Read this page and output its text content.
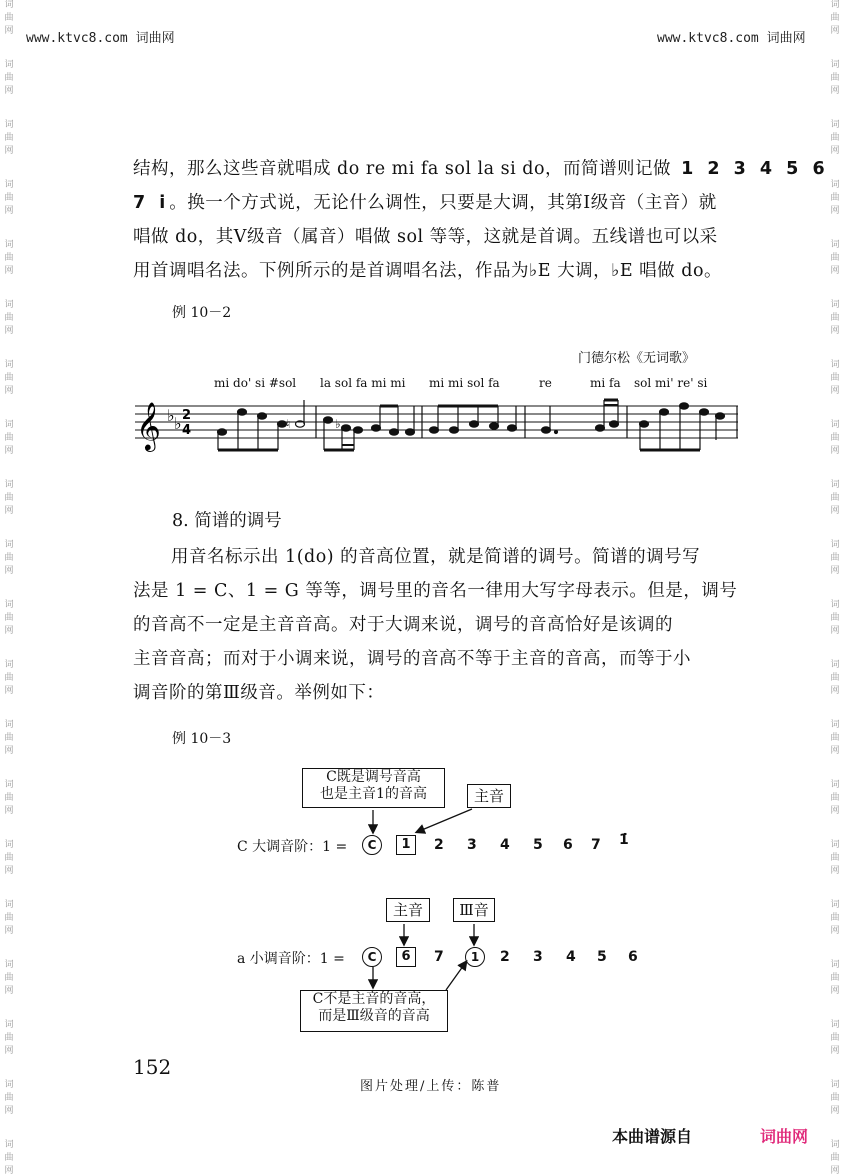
词
曲
网
词
曲
网
词
曲
网
词
曲
网
词
曲
网
词
曲
网
词
曲
网
词
曲
网
词
曲
网
词
曲
网
词
曲
网
词
曲
网
词
曲
网
词
曲
网
词
曲
网
词
曲
网
词
曲
网
词
曲
网
词
曲
网
词
曲
网
词
曲
网
词
曲
网
词
曲
网
词
曲
网
词
曲
网
词
曲
网
词
曲
网
词
曲
网
词
曲
网
词
曲
网
词
曲
网
词
曲
网
词
曲
网
词
曲
网
词
曲
网
词
曲
网
词
曲
网
词
曲
网
词
曲
网
词
曲
网
www.ktvc8.com 词曲网	www.ktvc8.com 词曲网
结构，那么这些音就唱成 do re mi fa sol la si do，而简谱则记做 1 2 3 4 5 6
7 i̇。换一个方式说，无论什么调性，只要是大调，其第Ⅰ级音（主音）就
唱做 do，其Ⅴ级音（属音）唱做 sol 等等，这就是首调。五线谱也可以采
用首调唱名法。下例所示的是首调唱名法，作品为♭E 大调，♭E 唱做 do。
例 10－2
门德尔松《无词歌》
mi do' si #sol la sol fa mi mi mi mi sol fa	re	mi fa sol mi' re' si
𝄞 ♭ ♭ 2
4	♮	♭
8. 简谱的调号
用音名标示出 1(do) 的音高位置，就是简谱的调号。简谱的调号写
法是 1 = C、1 = G 等等，调号里的音名一律用大写字母表示。但是，调号
的音高不一定是主音音高。对于大调来说，调号的音高恰好是该调的
主音音高；而对于小调来说，调号的音高不等于主音的音高，而等于小
调音阶的第Ⅲ级音。举例如下：
例 10－3
C既是调号音高
也是主音1的音高	主音
C 大调音阶：1 =	C	1	2 3 4 5 6 7 1̇
主音	Ⅲ音
a 小调音阶：1 =	C	6	7	1	2 3 4 5 6
C不是主音的音高，
而是Ⅲ级音的音高
152
图片处理/上传：陈普
本曲谱源自	词曲网
